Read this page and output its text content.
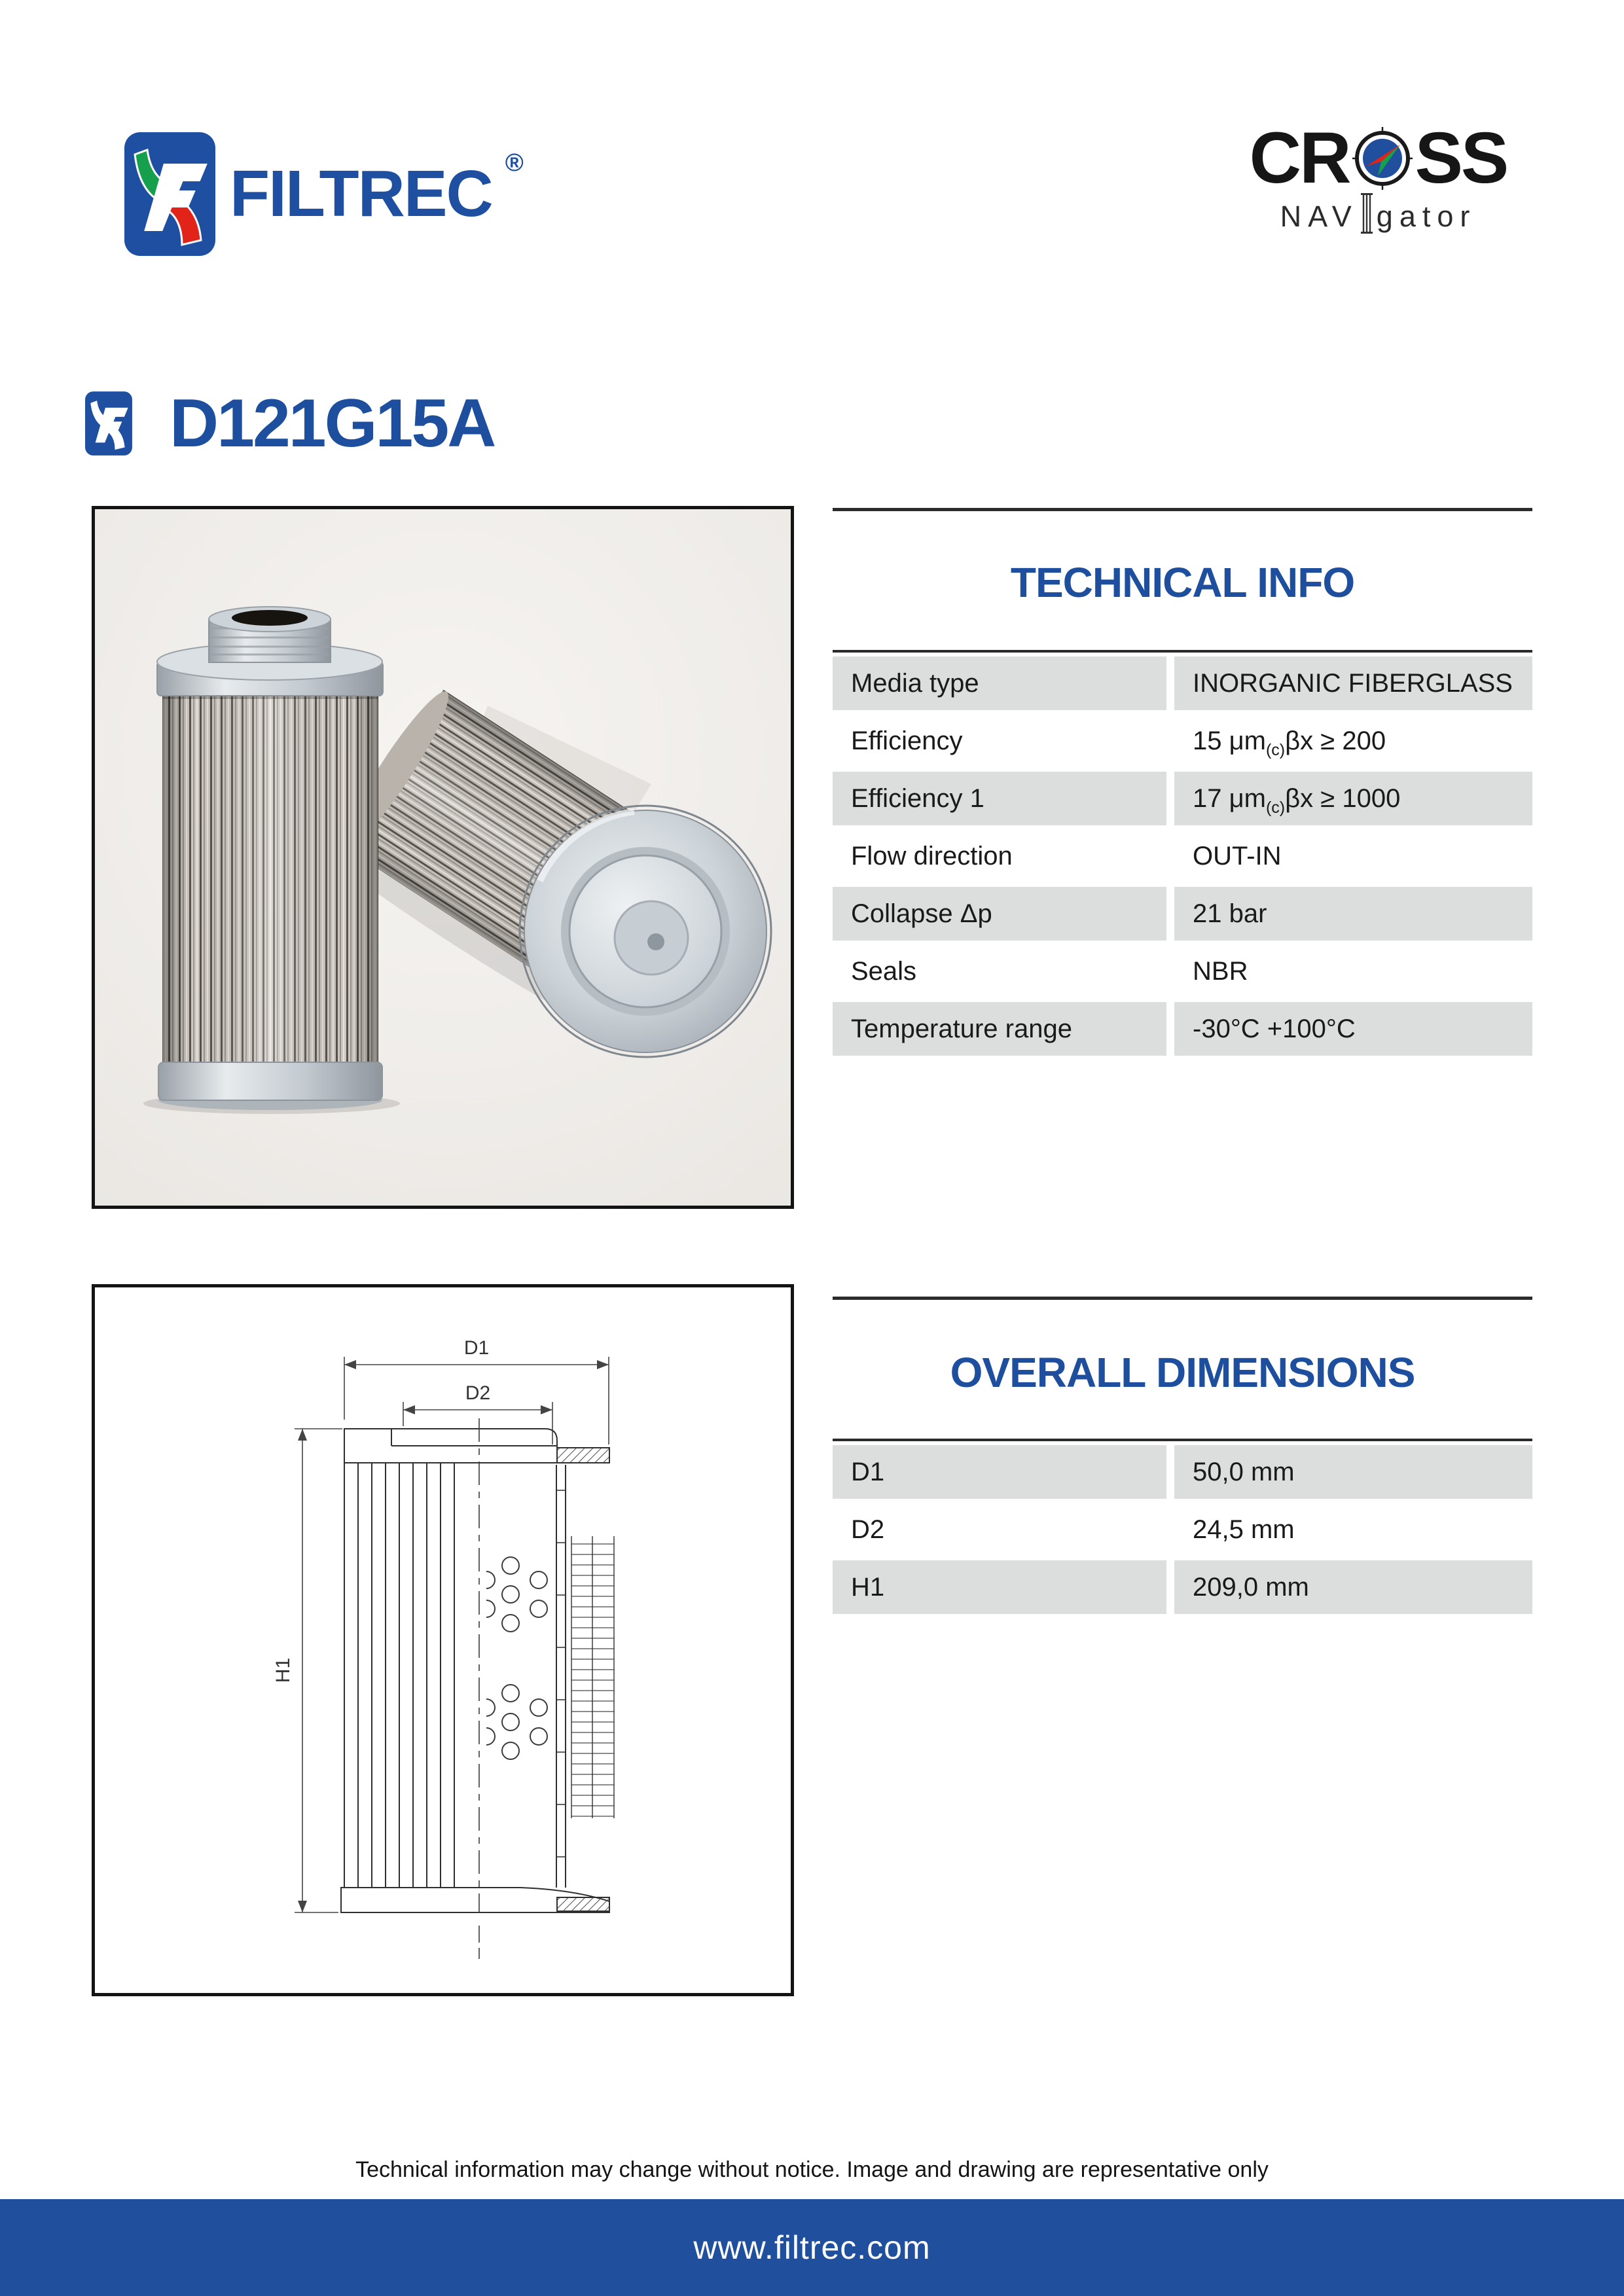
FILTREC ®	CR SS
NAV gator
D121G15A
TECHNICAL INFO
Media type	INORGANIC FIBERGLASS
Efficiency	15 μm (c) βx ≥ 200
Efficiency 1	17 μm (c) βx ≥ 1000
Flow direction	OUT-IN
Collapse Δp	21 bar
Seals	NBR
Temperature range	-30°C +100°C
D1
D2
H1
OVERALL DIMENSIONS
D1	50,0 mm
D2	24,5 mm
H1	209,0 mm
Technical information may change without notice. Image and drawing are representative only
www.filtrec.com
